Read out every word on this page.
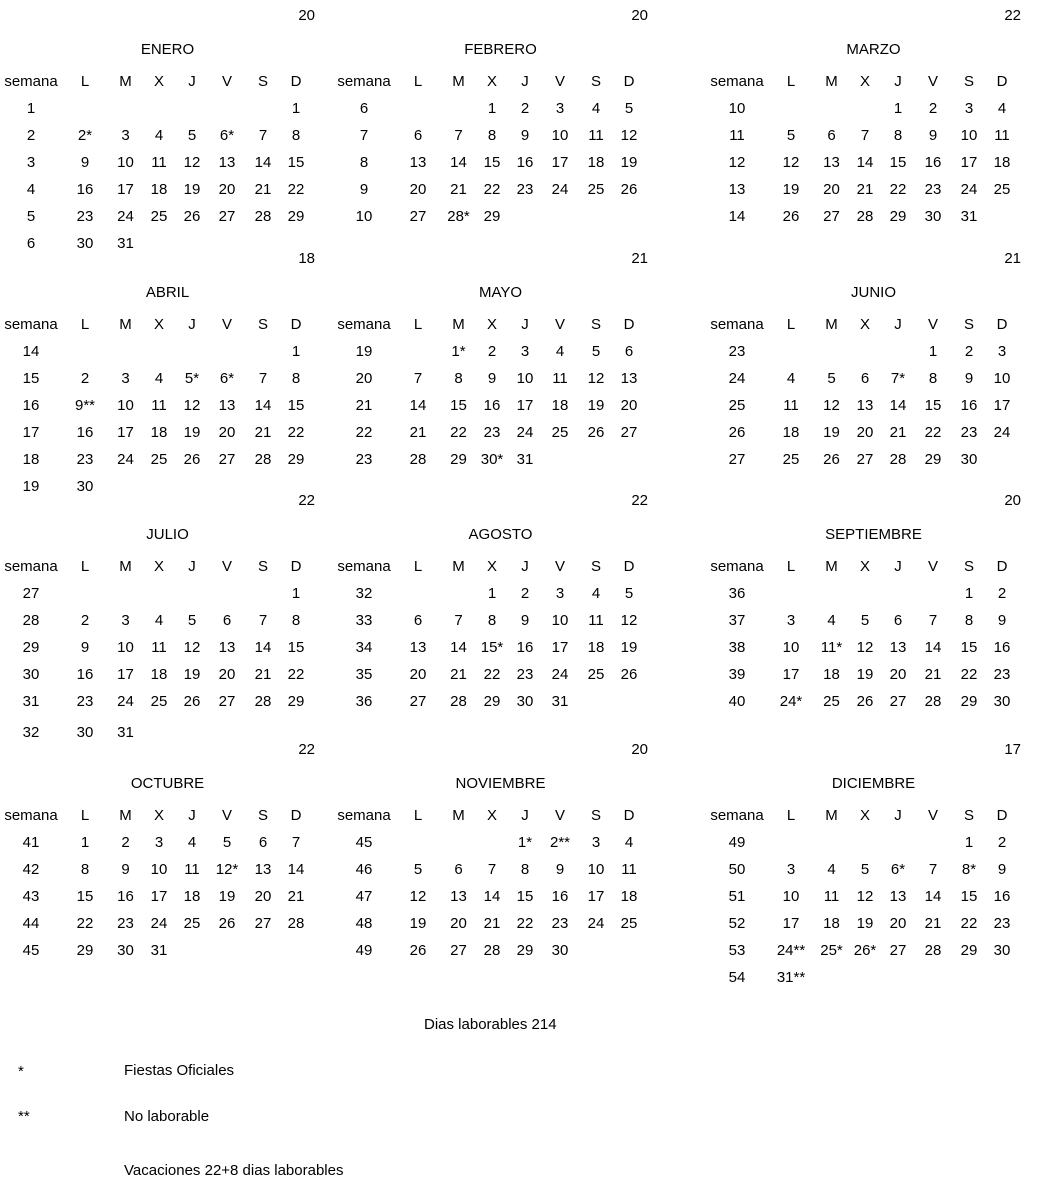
20
ENERO
semana	L	M	X	J	V	S	D
1							1
2	2*	3	4	5	6*	7	8
3	9	10	11	12	13	14	15
4	16	17	18	19	20	21	22
5	23	24	25	26	27	28	29
6	30	31					
20
FEBRERO
semana	L	M	X	J	V	S	D
6			1	2	3	4	5
7	6	7	8	9	10	11	12
8	13	14	15	16	17	18	19
9	20	21	22	23	24	25	26
10	27	28*	29				
22
MARZO
semana	L	M	X	J	V	S	D
10				1	2	3	4
11	5	6	7	8	9	10	11
12	12	13	14	15	16	17	18
13	19	20	21	22	23	24	25
14	26	27	28	29	30	31	
18
ABRIL
semana	L	M	X	J	V	S	D
14							1
15	2	3	4	5*	6*	7	8
16	9**	10	11	12	13	14	15
17	16	17	18	19	20	21	22
18	23	24	25	26	27	28	29
19	30						
21
MAYO
semana	L	M	X	J	V	S	D
19		1*	2	3	4	5	6
20	7	8	9	10	11	12	13
21	14	15	16	17	18	19	20
22	21	22	23	24	25	26	27
23	28	29	30*	31			
21
JUNIO
semana	L	M	X	J	V	S	D
23					1	2	3
24	4	5	6	7*	8	9	10
25	11	12	13	14	15	16	17
26	18	19	20	21	22	23	24
27	25	26	27	28	29	30	
22
JULIO
semana	L	M	X	J	V	S	D
27							1
28	2	3	4	5	6	7	8
29	9	10	11	12	13	14	15
30	16	17	18	19	20	21	22
31	23	24	25	26	27	28	29
32	30	31					
22
AGOSTO
semana	L	M	X	J	V	S	D
32			1	2	3	4	5
33	6	7	8	9	10	11	12
34	13	14	15*	16	17	18	19
35	20	21	22	23	24	25	26
36	27	28	29	30	31		
20
SEPTIEMBRE
semana	L	M	X	J	V	S	D
36						1	2
37	3	4	5	6	7	8	9
38	10	11*	12	13	14	15	16
39	17	18	19	20	21	22	23
40	24*	25	26	27	28	29	30
22
OCTUBRE
semana	L	M	X	J	V	S	D
41	1	2	3	4	5	6	7
42	8	9	10	11	12*	13	14
43	15	16	17	18	19	20	21
44	22	23	24	25	26	27	28
45	29	30	31				
20
NOVIEMBRE
semana	L	M	X	J	V	S	D
45				1*	2**	3	4
46	5	6	7	8	9	10	11
47	12	13	14	15	16	17	18
48	19	20	21	22	23	24	25
49	26	27	28	29	30		
17
DICIEMBRE
semana	L	M	X	J	V	S	D
49						1	2
50	3	4	5	6*	7	8*	9
51	10	11	12	13	14	15	16
52	17	18	19	20	21	22	23
53	24**	25*	26*	27	28	29	30
54	31**						
Dias laborables 214
*	Fiestas Oficiales
**	No laborable
Vacaciones 22+8 dias laborables
